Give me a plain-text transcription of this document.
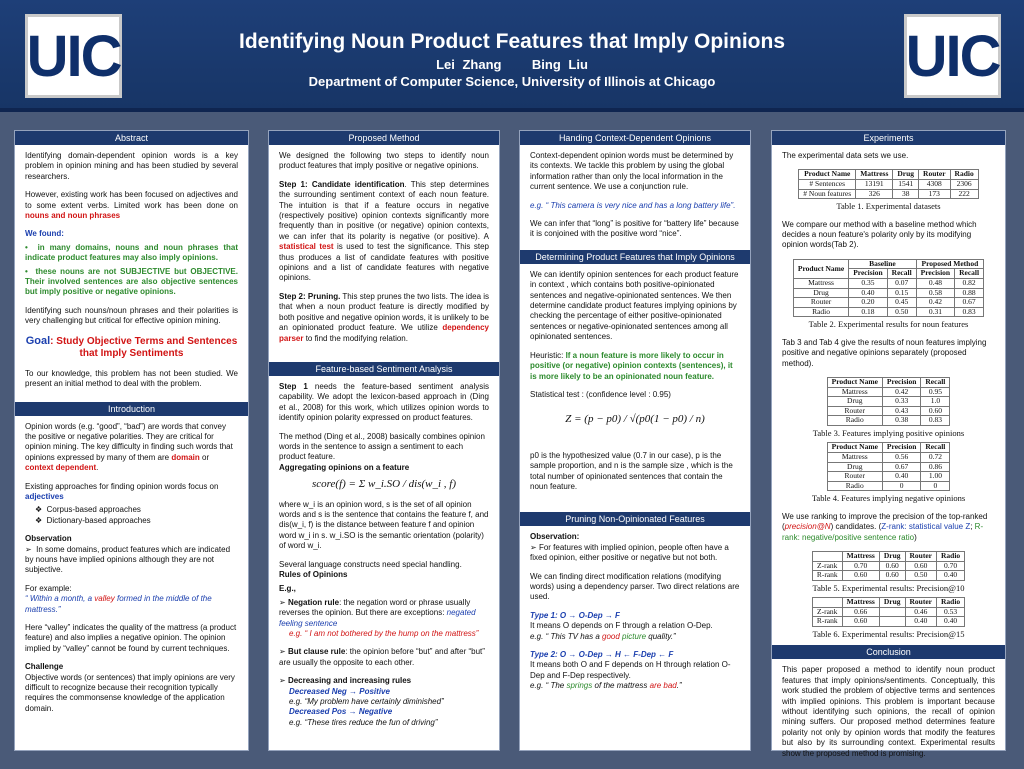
UIC	Identifying Noun Product Features that Imply Opinions
Lei Zhang Bing Liu
Department of Computer Science, University of Illinois at Chicago	UIC
Abstract

Identifying domain-dependent opinion words is a key problem in opinion mining and has been studied by several researchers.

However, existing work has been focused on adjectives and to some extent verbs. Limited work has been done on nouns and noun phrases

We found:

•  in many domains, nouns and noun phrases that indicate product features may also imply opinions.

•  these nouns are not SUBJECTIVE but OBJECTIVE. Their involved sentences are also objective sentences but imply positive or negative opinions.

Identifying such nouns/noun phrases and their polarities is very challenging but critical for effective opinion mining.

Goal: Study Objective Terms and Sentences that Imply Sentiments

To our knowledge, this problem has not been studied. We present an initial method to deal with the problem.

Introduction

Opinion words (e.g. “good”, “bad”) are words that convey the positive or negative polarities. They are critical for opinion mining. The key difficulty in finding such words that opinions expressed by many of them are domain or context dependent.

Existing approaches for finding opinion words focus on adjectives

❖  Corpus-based approaches

❖  Dictionary-based approaches

Observation

➢  In some domains, product features which are indicated by nouns have implied opinions although they are not subjective.

For example:

“ Within a month, a valley formed in the middle of the mattress.”

Here “valley” indicates the quality of the mattress (a product feature) and also implies a negative opinion. The opinion implied by “valley” cannot be found by current techniques.

Challenge

Objective words (or sentences) that imply opinions are very difficult to recognize because their recognition typically requires the commonsense knowledge of the application domain.

Proposed Method

We designed the following two steps to identify noun product features that imply positive or negative opinions.

Step 1: Candidate identification. This step determines the surrounding sentiment context of each noun feature. The intuition is that if a feature occurs in negative (respectively positive) opinion contexts significantly more frequently than in positive (or negative) opinion contexts, we can infer that its polarity is negative (or positive). A statistical test is used to test the significance. This step thus produces a list of candidate features with positive opinions and a list of candidate features with negative opinions.

Step 2: Pruning. This step prunes the two lists. The idea is that when a noun product feature is directly modified by both positive and negative opinion words, it is unlikely to be an opinionated product feature. We utilize dependency parser to find the modifying relation.

Feature-based Sentiment Analysis

Step 1 needs the feature-based sentiment analysis capability. We adopt the lexicon-based approach in (Ding et al., 2008) for this work, which utilizes opinion words to identify opinion polarity expressed on product features.

The method (Ding et al., 2008) basically combines opinion words in the sentence to assign a sentiment to each product feature.

Aggregating opinions on a feature

score(f) = Σ w_i.SO / dis(w_i , f)

where w_i is an opinion word, s is the set of all opinion words and s is the sentence that contains the feature f, and dis(w_i, f) is the distance between feature f and opinion word w_i in s. w_i.SO is the semantic orientation (polarity) of word w_i.

Several language constructs need special handling.

Rules of Opinions

E.g.,

➢ Negation rule: the negation word or phrase usually reverses the opinion. But there are exceptions: negated feeling sentence

e.g. “ I am not bothered by the hump on the mattress”

➢ But clause rule: the opinion before “but” and after “but” are usually the opposite to each other.

➢ Decreasing and increasing rules

Decreased Neg → Positive

e.g. “My problem have certainly diminished”

Decreased Pos → Negative

e.g. “These tires reduce the fun of driving”

Handing Context-Dependent Opinions

Context-dependent opinion words must be determined by its contexts. We tackle this problem by using the global information rather than only the local information in the current sentence. We use a conjunction rule.

e.g. “ This camera is very nice and has a long battery life”.

We can infer that “long” is positive for “battery life” because it is conjoined with the positive word “nice”.

Determining Product Features that Imply Opinions

We can identify opinion sentences for each product feature in context , which contains both positive-opinionated sentences and negative-opinionated sentences. We then determine candidate product features implying opinions by checking the percentage of either positive-opinionated sentences or negative-opinionated sentences among all opinionated sentences.

Heuristic: If a noun feature is more likely to occur in positive (or negative) opinion contexts (sentences), it is more likely to be an opinionated noun feature.

Statistical test : (confidence level : 0.95)

Z = (p − p0) / √(p0(1 − p0) / n)

p0 is the hypothesized value (0.7 in our case), p is the sample proportion, and n is the sample size , which is the total number of opinionated sentences that contain the noun feature.

Pruning Non-Opinionated Features

Observation:

➢ For features with implied opinion, people often have a fixed opinion, either positive or negative but not both.

We can finding direct modification relations (modifying words) using a dependency parser. Two direct relations are used.

Type 1: O → O-Dep → F

It means O depends on F through a relation O-Dep.

e.g. “ This TV has a good picture quality.”

Type 2: O → O-Dep → H ← F-Dep ← F

It means both O and F depends on H through relation O-Dep and F-Dep respectively.

e.g. “ The springs of the mattress are bad.”

Experiments

The experimental data sets we use.

Product Name	Mattress	Drug	Router	Radio
# Sentences	13191	1541	4308	2306
# Noun features	326	38	173	222
Table 1. Experimental datasets

We compare our method with a baseline method which decides a noun feature's polarity only by its modifying opinion words(Tab 2).

Product Name	Baseline		Proposed Method	
	Precision	Recall	Precision	Recall
Mattress	0.35	0.07	0.48	0.82
Drug	0.40	0.15	0.58	0.88
Router	0.20	0.45	0.42	0.67
Radio	0.18	0.50	0.31	0.83
Table 2. Experimental results for noun features

Tab 3 and Tab 4 give the results of noun features implying positive and negative opinions separately (proposed method).

Product Name	Precision	Recall
Mattress	0.42	0.95
Drug	0.33	1.0
Router	0.43	0.60
Radio	0.38	0.83
Table 3. Features implying positive opinions
Product Name	Precision	Recall
Mattress	0.56	0.72
Drug	0.67	0.86
Router	0.40	1.00
Radio	0	0
Table 4. Features implying negative opinions

We use ranking to improve the precision of the top-ranked (precision@N) candidates. (Z-rank: statistical value Z; R-rank: negative/positive sentence ratio)

	Mattress	Drug	Router	Radio
Z-rank	0.70	0.60	0.60	0.70
R-rank	0.60	0.60	0.50	0.40
Table 5. Experimental results: Precision@10
	Mattress	Drug	Router	Radio
Z-rank	0.66		0.46	0.53
R-rank	0.60		0.40	0.40
Table 6. Experimental results: Precision@15
Conclusion

This paper proposed a method to identify noun product features that imply opinions/sentiments. Conceptually, this work studied the problem of objective terms and sentences with implied opinions. This problem is important because without identifying such opinions, the recall of opinion mining suffers. Our proposed method determines feature polarity not only by opinion words that modify the features but also by its surrounding context. Experimental results show the proposed method is promising.
